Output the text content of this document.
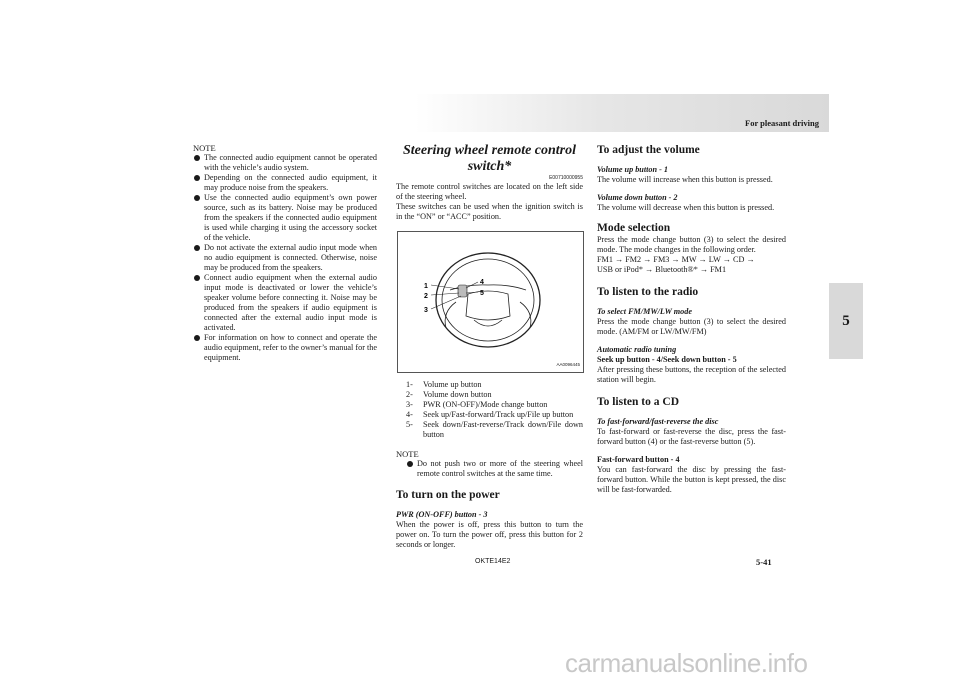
For pleasant driving
5
NOTE

The connected audio equipment cannot be operated with the vehicle’s audio system.

Depending on the connected audio equipment, it may produce noise from the speakers.

Use the connected audio equipment’s own power source, such as its battery. Noise may be produced from the speakers if the connected audio equipment is used while charging it using the accessory socket of the vehicle.

Do not activate the external audio input mode when no audio equipment is connected. Otherwise, noise may be produced from the speakers.

Connect audio equipment when the external audio input mode is deactivated or lower the vehicle’s speaker volume before connecting it. Noise may be produced from the speakers if audio equipment is connected after the external audio input mode is activated.

For information on how to connect and operate the audio equipment, refer to the owner’s manual for the equipment.

Steering wheel remote control switch*
E00710000955

The remote control switches are located on the left side of the steering wheel.

These switches can be used when the ignition switch is in the “ON” or “ACC” position.

1
2
3
4
5
AA0096445
1- Volume up button
2- Volume down button
3- PWR (ON-OFF)/Mode change button
4- Seek up/Fast-forward/Track up/File up button
5- Seek down/Fast-reverse/Track down/File down button
NOTE

Do not push two or more of the steering wheel remote control switches at the same time.

To turn on the power

PWR (ON-OFF) button - 3

When the power is off, press this button to turn the power on. To turn the power off, press this button for 2 seconds or longer.

To adjust the volume

Volume up button - 1

The volume will increase when this button is pressed.

Volume down button - 2

The volume will decrease when this button is pressed.

Mode selection

Press the mode change button (3) to select the desired mode. The mode changes in the following order.

FM1 → FM2 → FM3 → MW → LW → CD →

USB or iPod* → Bluetooth®* → FM1

To listen to the radio

To select FM/MW/LW mode

Press the mode change button (3) to select the desired mode. (AM/FM or LW/MW/FM)

Automatic radio tuning

Seek up button - 4/Seek down button - 5

After pressing these buttons, the reception of the selected station will begin.

To listen to a CD

To fast-forward/fast-reverse the disc

To fast-forward or fast-reverse the disc, press the fast-forward button (4) or the fast-reverse button (5).

Fast-forward button - 4

You can fast-forward the disc by pressing the fast-forward button. While the button is kept pressed, the disc will be fast-forwarded.

OKTE14E2	5-41
carmanualsonline.info
